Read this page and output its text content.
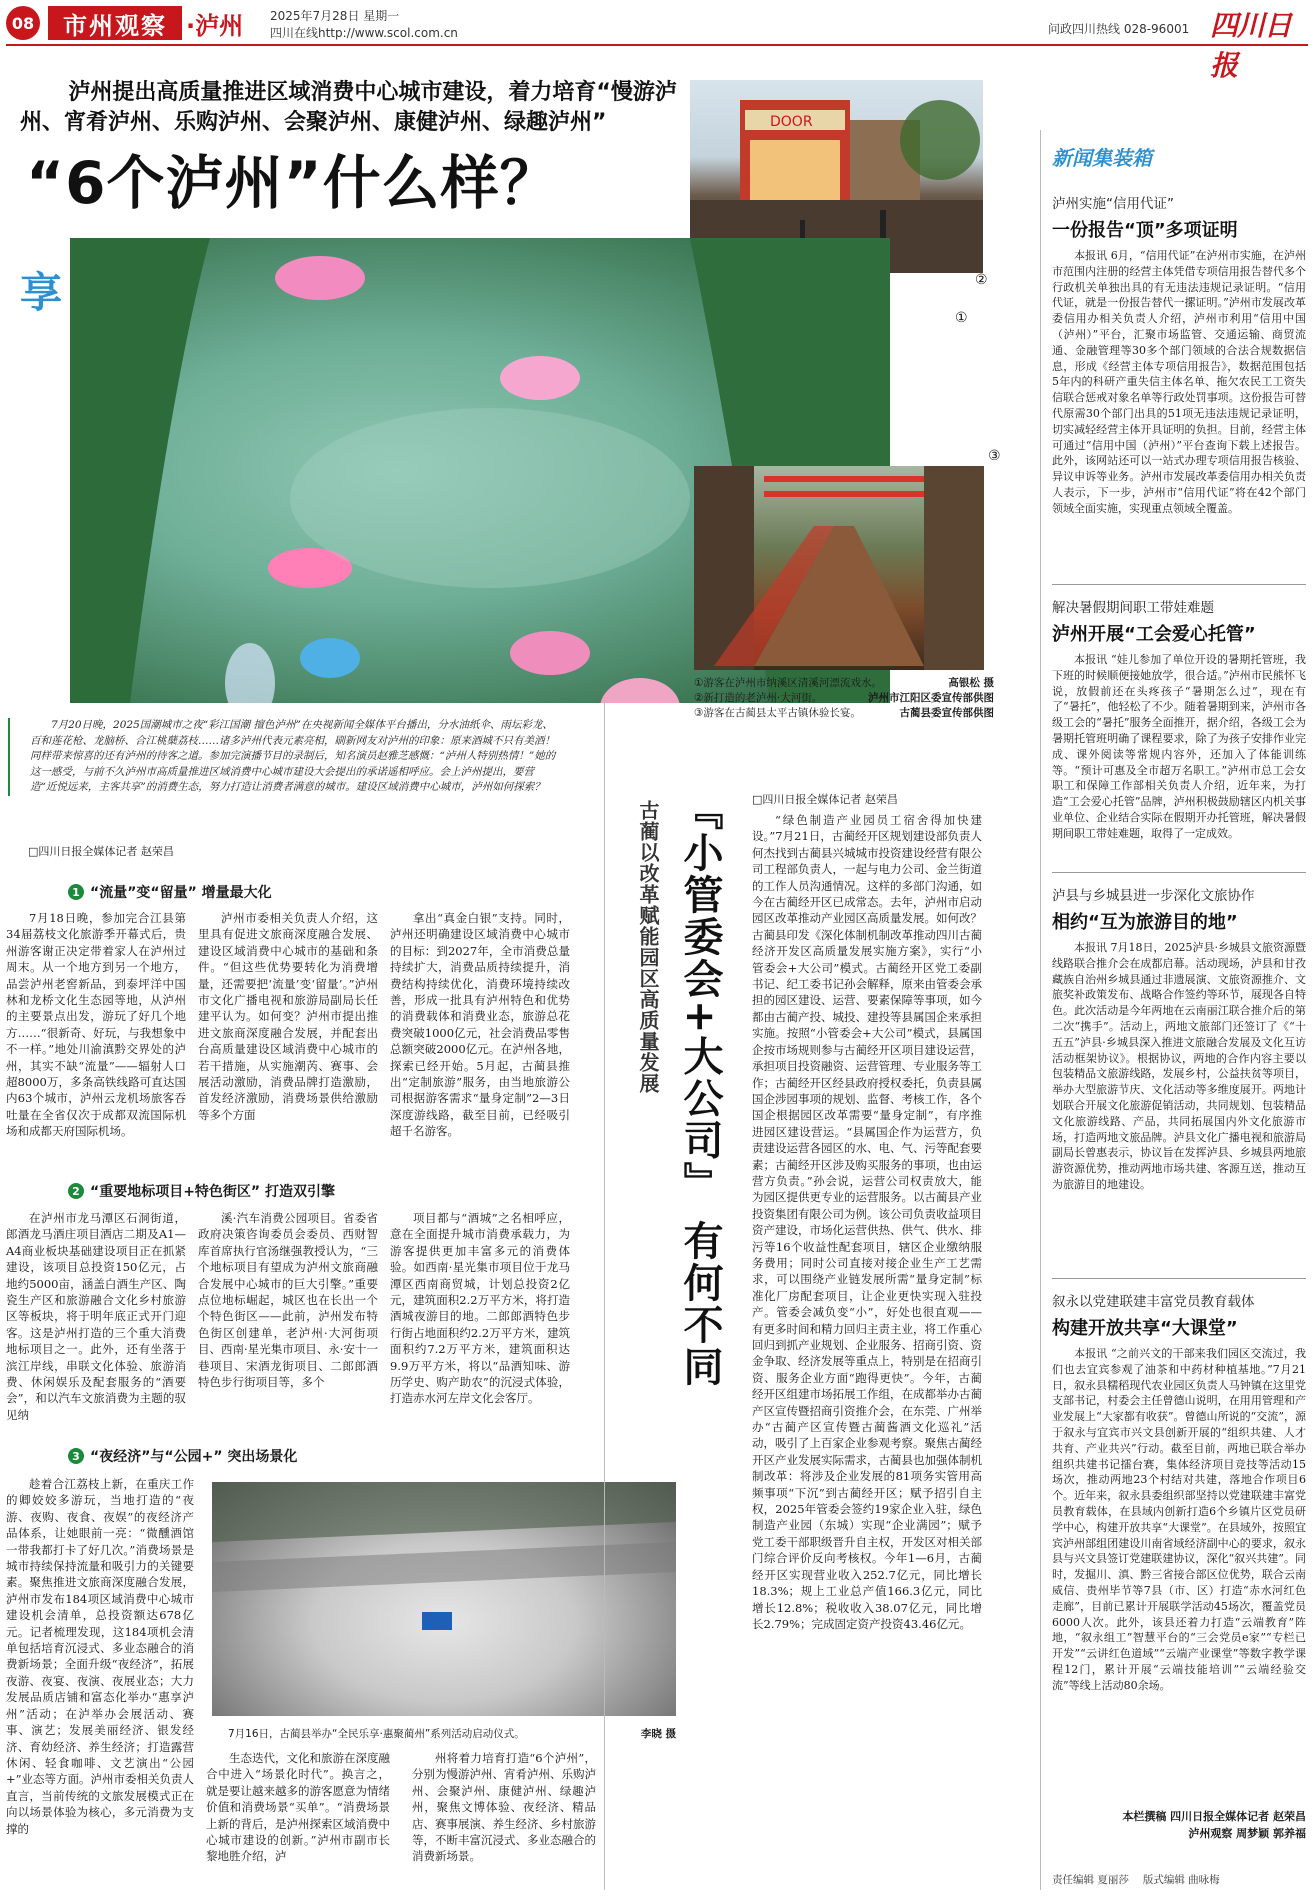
08	市州观察 ·泸州 2025年7月28日 星期一
四川在线http://www.scol.com.cn	问政四川热线 028-96001 四川日报
泸州提出高质量推进区域消费中心城市建设，着力培育“慢游泸州、宵肴泸州、乐购泸州、会聚泸州、康健泸州、绿趣泸州”
“6个泸州”什么样？
DOOR
②
①
享
③
①游客在泸州市纳溪区清溪河漂流戏水。	高银松 摄
②新打造的老泸州·大河街。	泸州市江阳区委宣传部供图
③游客在古蔺县太平古镇休验长宴。	古蔺县委宣传部供图

7月20日晚，2025国潮城市之夜“彩江国潮 擅色泸州”在央视新闻全媒体平台播出，分水油纸伞、雨坛彩龙、百和莲花枪、龙脑桥、合江桃蘖荔枝……诸多泸州代表元素亮相，刷新网友对泸州的印象：原来酒城不只有美酒！同样带来惊喜的还有泸州的待客之道。参加完演播节目的录制后，知名演员赵雅芝感慨：“泸州人特别热情！”她的这一感受，与前不久泸州市高质量推进区域消费中心城市建设大会提出的承诺遥相呼应。会上泸州提出，要营造“近悦远来，主客共享”的消费生态，努力打造让消费者满意的城市。建设区域消费中心城市，泸州如何探索？

□四川日报全媒体记者 赵荣昌
1 “流量”变“留量” 增量最大化

7月18日晚，参加完合江县第34届荔枝文化旅游季开幕式后，贵州游客谢正决定带着家人在泸州过周末。从一个地方到另一个地方，品尝泸州老窖新品，到泰坪洋中国林和龙桥文化生态园等地，从泸州的主要景点出发，游玩了好几个地方……“很新奇、好玩，与我想象中不一样。”地处川渝滇黔交界处的泸州，其实不缺“流量”——辐射人口超8000万，多条高铁线路可直达国内63个城市，泸州云龙机场旅客吞吐量在全省仅次于成都双流国际机场和成都天府国际机场。

泸州市委相关负责人介绍，这里具有促进文旅商深度融合发展、建设区域消费中心城市的基础和条件。“但这些优势要转化为消费增量，还需要把‘流量’变‘留量’。”泸州市文化广播电视和旅游局副局长任建平认为。如何变？泸州市提出推进文旅商深度融合发展，并配套出台高质量建设区域消费中心城市的若干措施，从实施潮芮、赛事、会展活动激励，消费品牌打造激励，首发经济激励，消费场景供给激励等多个方面

拿出“真金白银”支持。同时，泸州还明确建设区域消费中心城市的目标：到2027年，全市消费总量持续扩大，消费品质持续提升，消费结构持续优化，消费环境持续改善，形成一批具有泸州特色和优势的消费载体和消费业态，旅游总花费突破1000亿元，社会消费品零售总额突破2000亿元。在泸州各地，探索已经开始。5月起，古蔺县推出“定制旅游”服务，由当地旅游公司根据游客需求“量身定制”2—3日深度游线路，截至目前，已经吸引超千名游客。

2 “重要地标项目+特色街区” 打造双引擎

在泸州市龙马潭区石洞街道，郎酒龙马酒庄项目酒店二期及A1—A4商业板块基础建设项目正在抓紧建设，该项目总投资150亿元，占地约5000亩，涵盖白酒生产区、陶瓷生产区和旅游融合文化乡村旅游区等板块，将于明年底正式开门迎客。这是泸州打造的三个重大消费地标项目之一。此外，还有坐落于滨江岸线，串联文化体验、旅游消费、休闲娱乐及配套服务的“酒要会”，和以汽车文旅消费为主题的驭见纳

溪·汽车消费公园项目。省委省政府决策咨询委员会委员、西财智库首席执行官汤继强教授认为，“三个地标项目有望成为泸州文旅商融合发展中心城市的巨大引擎。”重要点位地标崛起，城区也在长出一个个特色街区——此前，泸州发布特色街区创建单，老泸州·大河街项目、西南·星光集市项目、永·安十一巷项目、宋酒龙街项目、二郎郎酒特色步行街项目等，多个

项目都与“酒城”之名相呼应，意在全面提升城市消费承载力，为游客提供更加丰富多元的消费体验。如西南·星光集市项目位于龙马潭区西南商贸城，计划总投资2亿元，建筑面积2.2万平方米，将打造酒城夜游目的地。二郎郎酒特色步行街占地面积约2.2万平方米，建筑面积约7.2万平方米，建筑面积达9.9万平方米，将以“品酒知味、游历学史、购产助农”的沉浸式体验，打造赤水河左岸文化会客厅。

3 “夜经济”与“公园+” 突出场景化

趁着合江荔枝上新，在重庆工作的卿姣姣多游玩，当地打造的“夜游、夜购、夜食、夜娱”的夜经济产品体系，让她眼前一亮：“微醺酒馆一带我都打卡了好几次。”消费场景是城市持续保持流量和吸引力的关键要素。聚焦推进文旅商深度融合发展，泸州市发布184项区域消费中心城市建设机会清单，总投资额达678亿元。记者梳理发现，这184项机会清单包括培育沉浸式、多业态融合的消费新场景；全面升级“夜经济”，拓展夜游、夜宴、夜演、夜展业态；大力发展品质店铺和富态化举办“惠享泸州”活动；在泸举办会展活动、赛事、演艺；发展美丽经济、银发经济、育幼经济、养生经济；打造露营休闲、轻食咖啡、文艺演出“公园+”业态等方面。泸州市委相关负责人直言，当前传统的文旅发展模式正在向以场景体验为核心，多元消费为支撑的

7月16日，古蔺县举办“全民乐享·惠聚蔺州”系列活动启动仪式。	李晓 摄

生态迭代，文化和旅游在深度融合中进入“场景化时代”。换言之，就是要让越来越多的游客愿意为情绪价值和消费场景“买单”。“消费场景上新的背后，是泸州探索区域消费中心城市建设的创新。”泸州市副市长黎地胜介绍，泸

州将着力培育打造“6个泸州”，分别为慢游泸州、宵肴泸州、乐购泸州、会聚泸州、康健泸州、绿趣泸州，聚焦文博体验、夜经济、精品店、赛事展演、养生经济、乡村旅游等，不断丰富沉浸式、多业态融合的消费新场景。

古蔺以改革赋能园区高质量发展 『小管委会+大公司』
有何不同
□四川日报全媒体记者 赵荣昌

“绿色制造产业园员工宿舍得加快建设。”7月21日，古蔺经开区规划建设部负责人何杰找到古蔺县兴城城市投资建设经营有限公司工程部负责人，一起与电力公司、金兰街道的工作人员沟通情况。这样的多部门沟通，如今在古蔺经开区已成常态。去年，泸州市启动园区改革推动产业园区高质量发展。如何改？古蔺县印发《深化体制机制改革推动四川古蔺经济开发区高质量发展实施方案》，实行“小管委会+大公司”模式。古蔺经开区党工委副书记、纪工委书记孙会解释，原来由管委会承担的园区建设、运营、要素保障等事项，如今都由古蔺产投、城投、建投等县属国企来承担实施。按照“小管委会+大公司”模式，县属国企按市场规则参与古蔺经开区项目建设运营，承担项目投资融资、运营管理、专业服务等工作；古蔺经开区经县政府授权委托，负责县属国企涉园事项的规划、监督、考核工作，各个国企根据园区改革需要“量身定制”，有序推进园区建设营运。“县属国企作为运营方，负责建设运营各园区的水、电、气、污等配套要素；古蔺经开区涉及购买服务的事项，也由运营方负责。”孙会说，运营公司权责放大，能为园区提供更专业的运营服务。以古蔺县产业投资集团有限公司为例。该公司负责收益项目资产建设，市场化运营供热、供气、供水、排污等16个收益性配套项目，辖区企业缴纳服务费用；同时公司直接对接企业生产工艺需求，可以围绕产业链发展所需“量身定制”标准化厂房配套项目，让企业更快实现入驻投产。管委会减负变“小”，好处也很直观——有更多时间和精力回归主责主业，将工作重心回归到抓产业规划、企业服务、招商引资、资金争取、经济发展等重点上，特别是在招商引资、服务企业方面“跑得更快”。今年，古蔺经开区组建市场拓展工作组，在成都举办古蔺产区宣传暨招商引资推介会，在东莞、广州举办“古蔺产区宣传暨古蔺酱酒文化巡礼”活动，吸引了上百家企业参观考察。聚焦古蔺经开区产业发展实际需求，古蔺县也加强体制机制改革：将涉及企业发展的81项务实管用高频事项“下沉”到古蔺经开区；赋予招引自主权，2025年管委会签约19家企业入驻，绿色制造产业园（东城）实现“企业满园”；赋予党工委干部职级晋升自主权，开发区对相关部门综合评价反向考核权。今年1—6月，古蔺经开区实现营业收入252.7亿元，同比增长18.3%；规上工业总产值166.3亿元，同比增长12.8%；税收收入38.07亿元，同比增长2.79%；完成固定资产投资43.46亿元。

新闻集装箱
泸州实施“信用代证”
一份报告“顶”多项证明

本报讯 6月，“信用代证”在泸州市实施，在泸州市范围内注册的经营主体凭借专项信用报告替代多个行政机关单独出具的有无违法违规记录证明。“信用代证，就是一份报告替代一摞证明。”泸州市发展改革委信用办相关负责人介绍，泸州市利用“信用中国（泸州）”平台，汇聚市场监管、交通运输、商贸流通、金融管理等30多个部门领域的合法合规数据信息，形成《经营主体专项信用报告》，数据范围包括5年内的科研产重失信主体名单、拖欠农民工工资失信联合惩戒对象名单等行政处罚事项。这份报告可替代原需30个部门出具的51项无违法违规记录证明，切实减轻经营主体开具证明的负担。目前，经营主体可通过“信用中国（泸州）”平台查询下载上述报告。此外，该网站还可以一站式办理专项信用报告核验、异议申诉等业务。泸州市发展改革委信用办相关负责人表示，下一步，泸州市“信用代证”将在42个部门领域全面实施，实现重点领域全覆盖。

解决暑假期间职工带娃难题
泸州开展“工会爱心托管”

本报讯 “娃儿参加了单位开设的暑期托管班，我下班的时候顺便接她放学，很合适。”泸州市民熊怀飞说，放假前还在头疼孩子“暑期怎么过”，现在有了“暑托”，他轻松了不少。随着暑期到来，泸州市各级工会的“暑托”服务全面推开，据介绍，各级工会为暑期托管班明确了课程要求，除了为孩子安排作业完成、课外阅读等常规内容外，还加入了体能训练等。“预计可惠及全市超万名职工。”泸州市总工会女职工和保障工作部相关负责人介绍，近年来，为打造“工会爱心托管”品牌，泸州积极鼓励辖区内机关事业单位、企业结合实际在假期开办托管班，解决暑假期间职工带娃难题，取得了一定成效。

泸县与乡城县进一步深化文旅协作
相约“互为旅游目的地”

本报讯 7月18日，2025泸县·乡城县文旅资源暨线路联合推介会在成都启幕。活动现场，泸县和甘孜藏族自治州乡城县通过非遗展演、文旅资源推介、文旅奖补政策发布、战略合作签约等环节，展现各自特色。此次活动是今年两地在云南丽江联合推介后的第二次“携手”。活动上，两地文旅部门还签订了《“十五五”泸县·乡城县深入推进文旅融合发展及文化互访活动框架协议》。根据协议，两地的合作内容主要以包装精品文旅游线路，发展乡村，公益扶贫等项目，举办大型旅游节庆、文化活动等多维度展开。两地计划联合开展文化旅游促销活动，共同规划、包装精品文化旅游线路、产品，共同拓展国内外文化旅游市场，打造两地文旅品牌。泸县文化广播电视和旅游局副局长曾惠表示，协议旨在发挥泸县、乡城县两地旅游资源优势，推动两地市场共建、客源互送，推动互为旅游目的地建设。

叙永以党建联建丰富党员教育载体
构建开放共享“大课堂”

本报讯 “之前兴文的干部来我们园区交流过，我们也去宜宾参观了油茶和中药材种植基地。”7月21日，叙永县糯稻现代农业园区负责人马钟镇在这里党支部书记，村委会主任曾德山说明，在用用管理和产业发展上“大家都有收获”。曾德山所说的“交流”，源于叙永与宜宾市兴文县创新开展的“组织共建、人才共育、产业共兴”行动。截至目前，两地已联合举办组织共建书记擂台赛，集体经济项目竞技等活动15场次，推动两地23个村结对共建，落地合作项目6个。近年来，叙永县委组织部坚持以党建联建丰富党员教育载体，在县域内创新打造6个乡镇片区党员研学中心，构建开放共享“大课堂”。在县域外，按照宜宾泸州部组团建设川南省域经济副中心的要求，叙永县与兴文县签订党建联建协议，深化“叙兴共建”。同时，发掘川、滇、黔三省接合部区位优势，联合云南威信、贵州毕节等7县（市、区）打造“赤水河红色走廊”，目前已累计开展联学活动45场次，覆盖党员6000人次。此外，该县还着力打造“云端教育”阵地，“叙永组工”智慧平台的“三会党员e家”“专栏已开发”“云讲红色道域”“云端产业课堂”等数字教学课程12门，累计开展“云端技能培训”“云端经验交流”等线上活动80余场。

本栏撰稿 四川日报全媒体记者 赵荣昌
泸州观察 周梦颖 郭养福
责任编辑 夏丽莎 版式编辑 曲咏梅
